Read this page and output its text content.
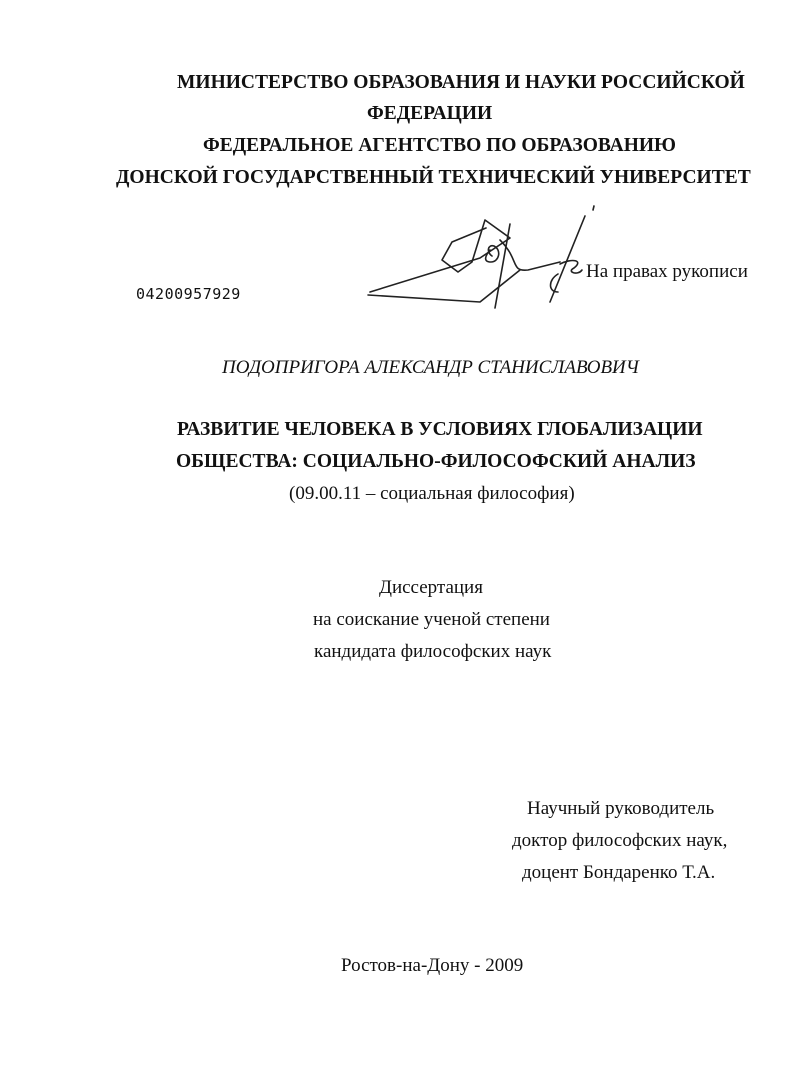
МИНИСТЕРСТВО ОБРАЗОВАНИЯ И НАУКИ РОССИЙСКОЙ
ФЕДЕРАЦИИ
ФЕДЕРАЛЬНОЕ АГЕНТСТВО ПО ОБРАЗОВАНИЮ
ДОНСКОЙ ГОСУДАРСТВЕННЫЙ ТЕХНИЧЕСКИЙ УНИВЕРСИТЕТ
04200957929
На правах рукописи
ПОДОПРИГОРА АЛЕКСАНДР СТАНИСЛАВОВИЧ
РАЗВИТИЕ ЧЕЛОВЕКА В УСЛОВИЯХ ГЛОБАЛИЗАЦИИ
ОБЩЕСТВА: СОЦИАЛЬНО-ФИЛОСОФСКИЙ АНАЛИЗ
(09.00.11 – социальная философия)
Диссертация
на соискание ученой степени
кандидата философских наук
Научный руководитель
доктор философских наук,
доцент Бондаренко Т.А.
Ростов-на-Дону - 2009
